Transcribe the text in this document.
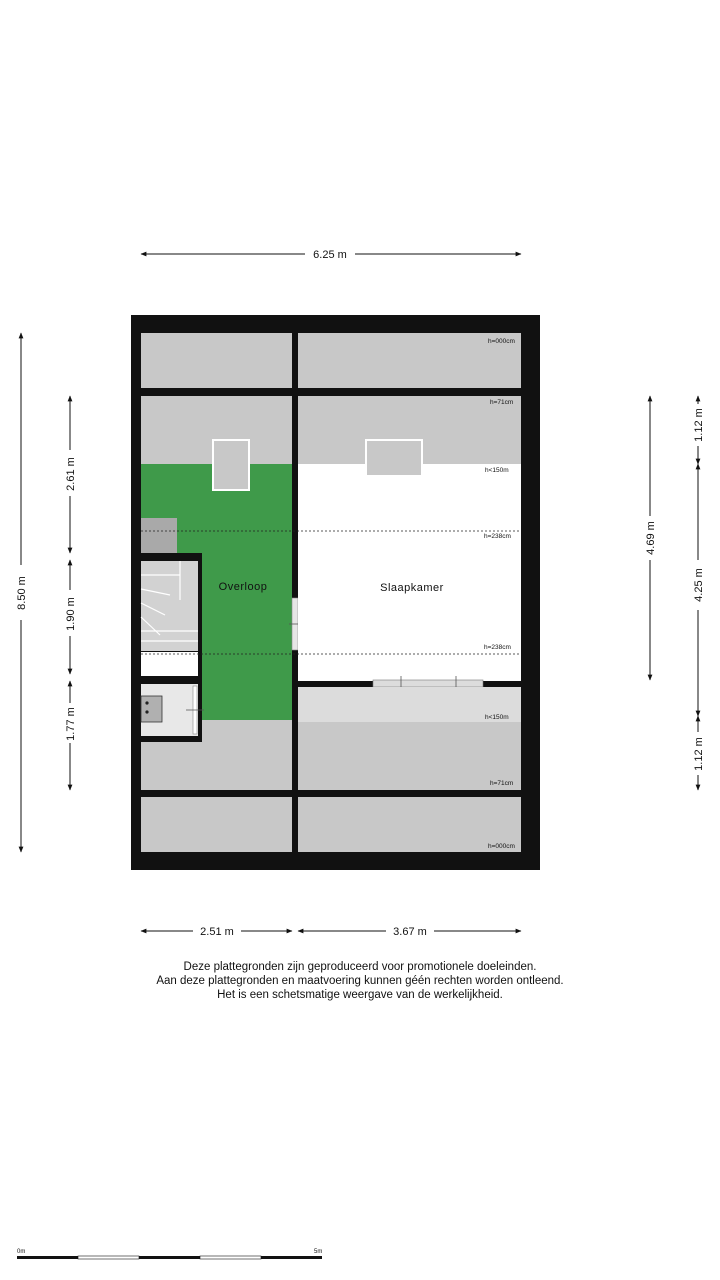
Overloop	Slaapkamer
h=000cm
h=71cm
h<150m
h=238cm
h=238cm
h<150m
h=71cm
h=000cm
6.25 m
8.50 m
2.61 m
1.90 m
1.77 m
4.69 m
1.12 m
4.25 m
1.12 m
2.51 m	3.67 m
0m	5m
Deze plattegronden zijn geproduceerd voor promotionele doeleinden.
Aan deze plattegronden en maatvoering kunnen géén rechten worden ontleend.
Het is een schetsmatige weergave van de werkelijkheid.
